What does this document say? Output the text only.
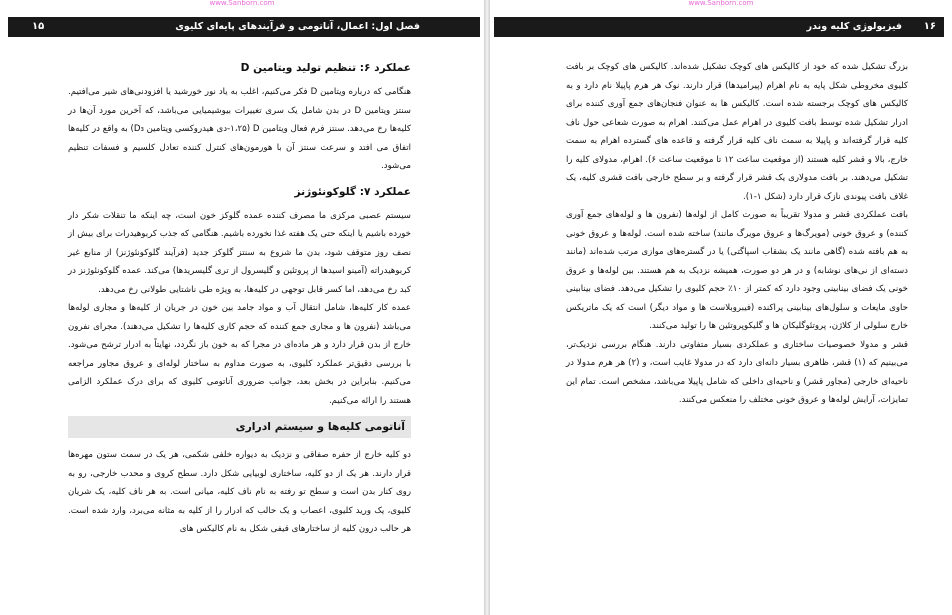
www.Sanborn.com
فصل اول: اعمال، آناتومی و فرآیندهای پایه‌ای کلیوی
۱۵
عملکرد ۶: تنظیم تولید ویتامین D

هنگامی که درباره ویتامین D فکر می‌کنیم، اغلب به یاد نور خورشید یا افزودنی‌های شیر می‌افتیم. سنتز ویتامین D در بدن شامل یک سری تغییرات بیوشیمیایی می‌باشد، که آخرین مورد آن‌ها در کلیه‌ها رخ می‌دهد. سنتز فرم فعال ویتامین D (۱،۲۵-دی هیدروکسی ویتامین D₃) به واقع در کلیه‌ها اتفاق می افتد و سرعت سنتز آن با هورمون‌های کنترل کننده تعادل کلسیم و فسفات تنظیم می‌شود.

عملکرد ۷: گلوکونئوژنز

سیستم عصبی مرکزی ما مصرف کننده عمده گلوکز خون است، چه اینکه ما تنقلات شکر دار خورده باشیم یا اینکه حتی یک هفته غذا نخورده باشیم. هنگامی که جذب کربوهیدرات برای بیش از نصف روز متوقف شود، بدن ما شروع به سنتز گلوکز جدید (فرآیند گلوکونئوژنز) از منابع غیر کربوهیدراته (آمینو اسیدها از پروتئین و گلیسرول از تری گلیسریدها) می‌کند. عمده گلوکونئوژنز در کبد رخ می‌دهد، اما کسر قابل توجهی در کلیه‌ها، به ویژه طی ناشتایی طولانی رخ می‌دهد.

عمده کار کلیه‌ها، شامل انتقال آب و مواد جامد بین خون در جریان از کلیه‌ها و مجاری لوله‌ها می‌باشد (نفرون ها و مجاری جمع کننده که حجم کاری کلیه‌ها را تشکیل می‌دهند). مجرای نفرون خارج از بدن قرار دارد و هر ماده‌ای در مجرا که به خون باز نگردد، نهایتاً به ادرار ترشح می‌شود. با بررسی دقیق‌تر عملکرد کلیوی، به صورت مداوم به ساختار لوله‌ای و عروق مجاور مراجعه می‌کنیم. بنابراین در بخش بعد، جوانب ضروری آناتومی کلیوی که برای درک عملکرد الزامی هستند را ارائه می‌کنیم.

آناتومی کلیه‌ها و سیستم ادراری

دو کلیه خارج از حفره صفاقی و نزدیک به دیواره خلفی شکمی، هر یک در سمت ستون مهره‌ها قرار دارند. هر یک از دو کلیه، ساختاری لوبیایی شکل دارد. سطح کروی و محدب خارجی، رو به روی کنار بدن است و سطح تو رفته به نام ناف کلیه، میانی است. به هر ناف کلیه، یک شریان کلیوی، یک ورید کلیوی، اعصاب و یک حالب که ادرار را از کلیه به مثانه می‌برد، وارد شده است. هر حالب درون کلیه از ساختارهای قیفی شکل به نام کالیکس های

www.Sanborn.com
فیزیولوژی کلیه وندر ۱۶

بزرگ تشکیل شده که خود از کالیکس های کوچک تشکیل شده‌اند. کالیکس های کوچک بر بافت کلیوی مخروطی شکل پایه به نام اهرام (پیرامیدها) قرار دارند. نوک هر هرم پاپیلا نام دارد و به کالیکس های کوچک برجسته شده است. کالیکس ها به عنوان فنجان‌های جمع آوری کننده برای ادرار تشکیل شده توسط بافت کلیوی در اهرام عمل می‌کنند. اهرام به صورت شعاعی حول ناف کلیه قرار گرفته‌اند و پاپیلا به سمت ناف کلیه قرار گرفته و قاعده های گسترده اهرام به سمت خارج، بالا و قشر کلیه هستند (از موقعیت ساعت ۱۲ تا موقعیت ساعت ۶). اهرام، مدولای کلیه را تشکیل می‌دهند. بر بافت مدولاری یک قشر قرار گرفته و بر سطح خارجی بافت قشری کلیه، یک غلاف بافت پیوندی نازک قرار دارد (شکل ۱-۱).

بافت عملکردی قشر و مدولا تقریباً به صورت کامل از لوله‌ها (نفرون ها و لوله‌های جمع آوری کننده) و عروق خونی (مویرگ‌ها و عروق مویرگ مانند) ساخته شده است. لوله‌ها و عروق خونی به هم بافته شده (گاهی مانند یک بشقاب اسپاگتی) یا در گستره‌های موازی مرتب شده‌اند (مانند دسته‌ای از نی‌های نوشابه) و در هر دو صورت، همیشه نزدیک به هم هستند. بین لوله‌ها و عروق خونی یک فضای بینابینی وجود دارد که کمتر از ۱۰٪ حجم کلیوی را تشکیل می‌دهد. فضای بینابینی حاوی مایعات و سلول‌های بینابینی پراکنده (فیبروبلاست ها و مواد دیگر) است که یک ماتریکس خارج سلولی از کلاژن، پروتئوگلیکان ها و گلیکوپروتئین ها را تولید می‌کنند.

قشر و مدولا خصوصیات ساختاری و عملکردی بسیار متفاوتی دارند. هنگام بررسی نزدیک‌تر، می‌بینیم که (۱) قشر، ظاهری بسیار دانه‌ای دارد که در مدولا غایب است، و (۲) هر هرم مدولا در ناحیه‌ای خارجی (مجاور قشر) و ناحیه‌ای داخلی که شامل پاپیلا می‌باشد، مشخص است. تمام این تمایزات، آرایش لوله‌ها و عروق خونی مختلف را منعکس می‌کنند.
